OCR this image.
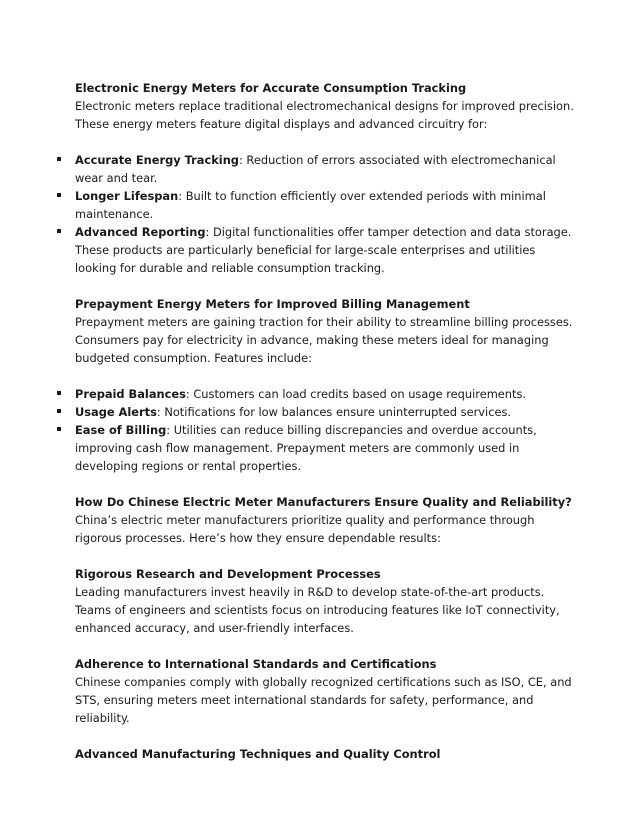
Electronic Energy Meters for Accurate Consumption Tracking
Electronic meters replace traditional electromechanical designs for improved precision. These energy meters feature digital displays and advanced circuitry for:
Accurate Energy Tracking: Reduction of errors associated with electromechanical wear and tear.
Longer Lifespan: Built to function efficiently over extended periods with minimal maintenance.
Advanced Reporting: Digital functionalities offer tamper detection and data storage. These products are particularly beneficial for large-scale enterprises and utilities looking for durable and reliable consumption tracking.
Prepayment Energy Meters for Improved Billing Management
Prepayment meters are gaining traction for their ability to streamline billing processes. Consumers pay for electricity in advance, making these meters ideal for managing budgeted consumption. Features include:
Prepaid Balances: Customers can load credits based on usage requirements.
Usage Alerts: Notifications for low balances ensure uninterrupted services.
Ease of Billing: Utilities can reduce billing discrepancies and overdue accounts, improving cash flow management. Prepayment meters are commonly used in developing regions or rental properties.
How Do Chinese Electric Meter Manufacturers Ensure Quality and Reliability?
China’s electric meter manufacturers prioritize quality and performance through rigorous processes. Here’s how they ensure dependable results:
Rigorous Research and Development Processes
Leading manufacturers invest heavily in R&D to develop state-of-the-art products. Teams of engineers and scientists focus on introducing features like IoT connectivity, enhanced accuracy, and user-friendly interfaces.
Adherence to International Standards and Certifications
Chinese companies comply with globally recognized certifications such as ISO, CE, and STS, ensuring meters meet international standards for safety, performance, and reliability.
Advanced Manufacturing Techniques and Quality Control
